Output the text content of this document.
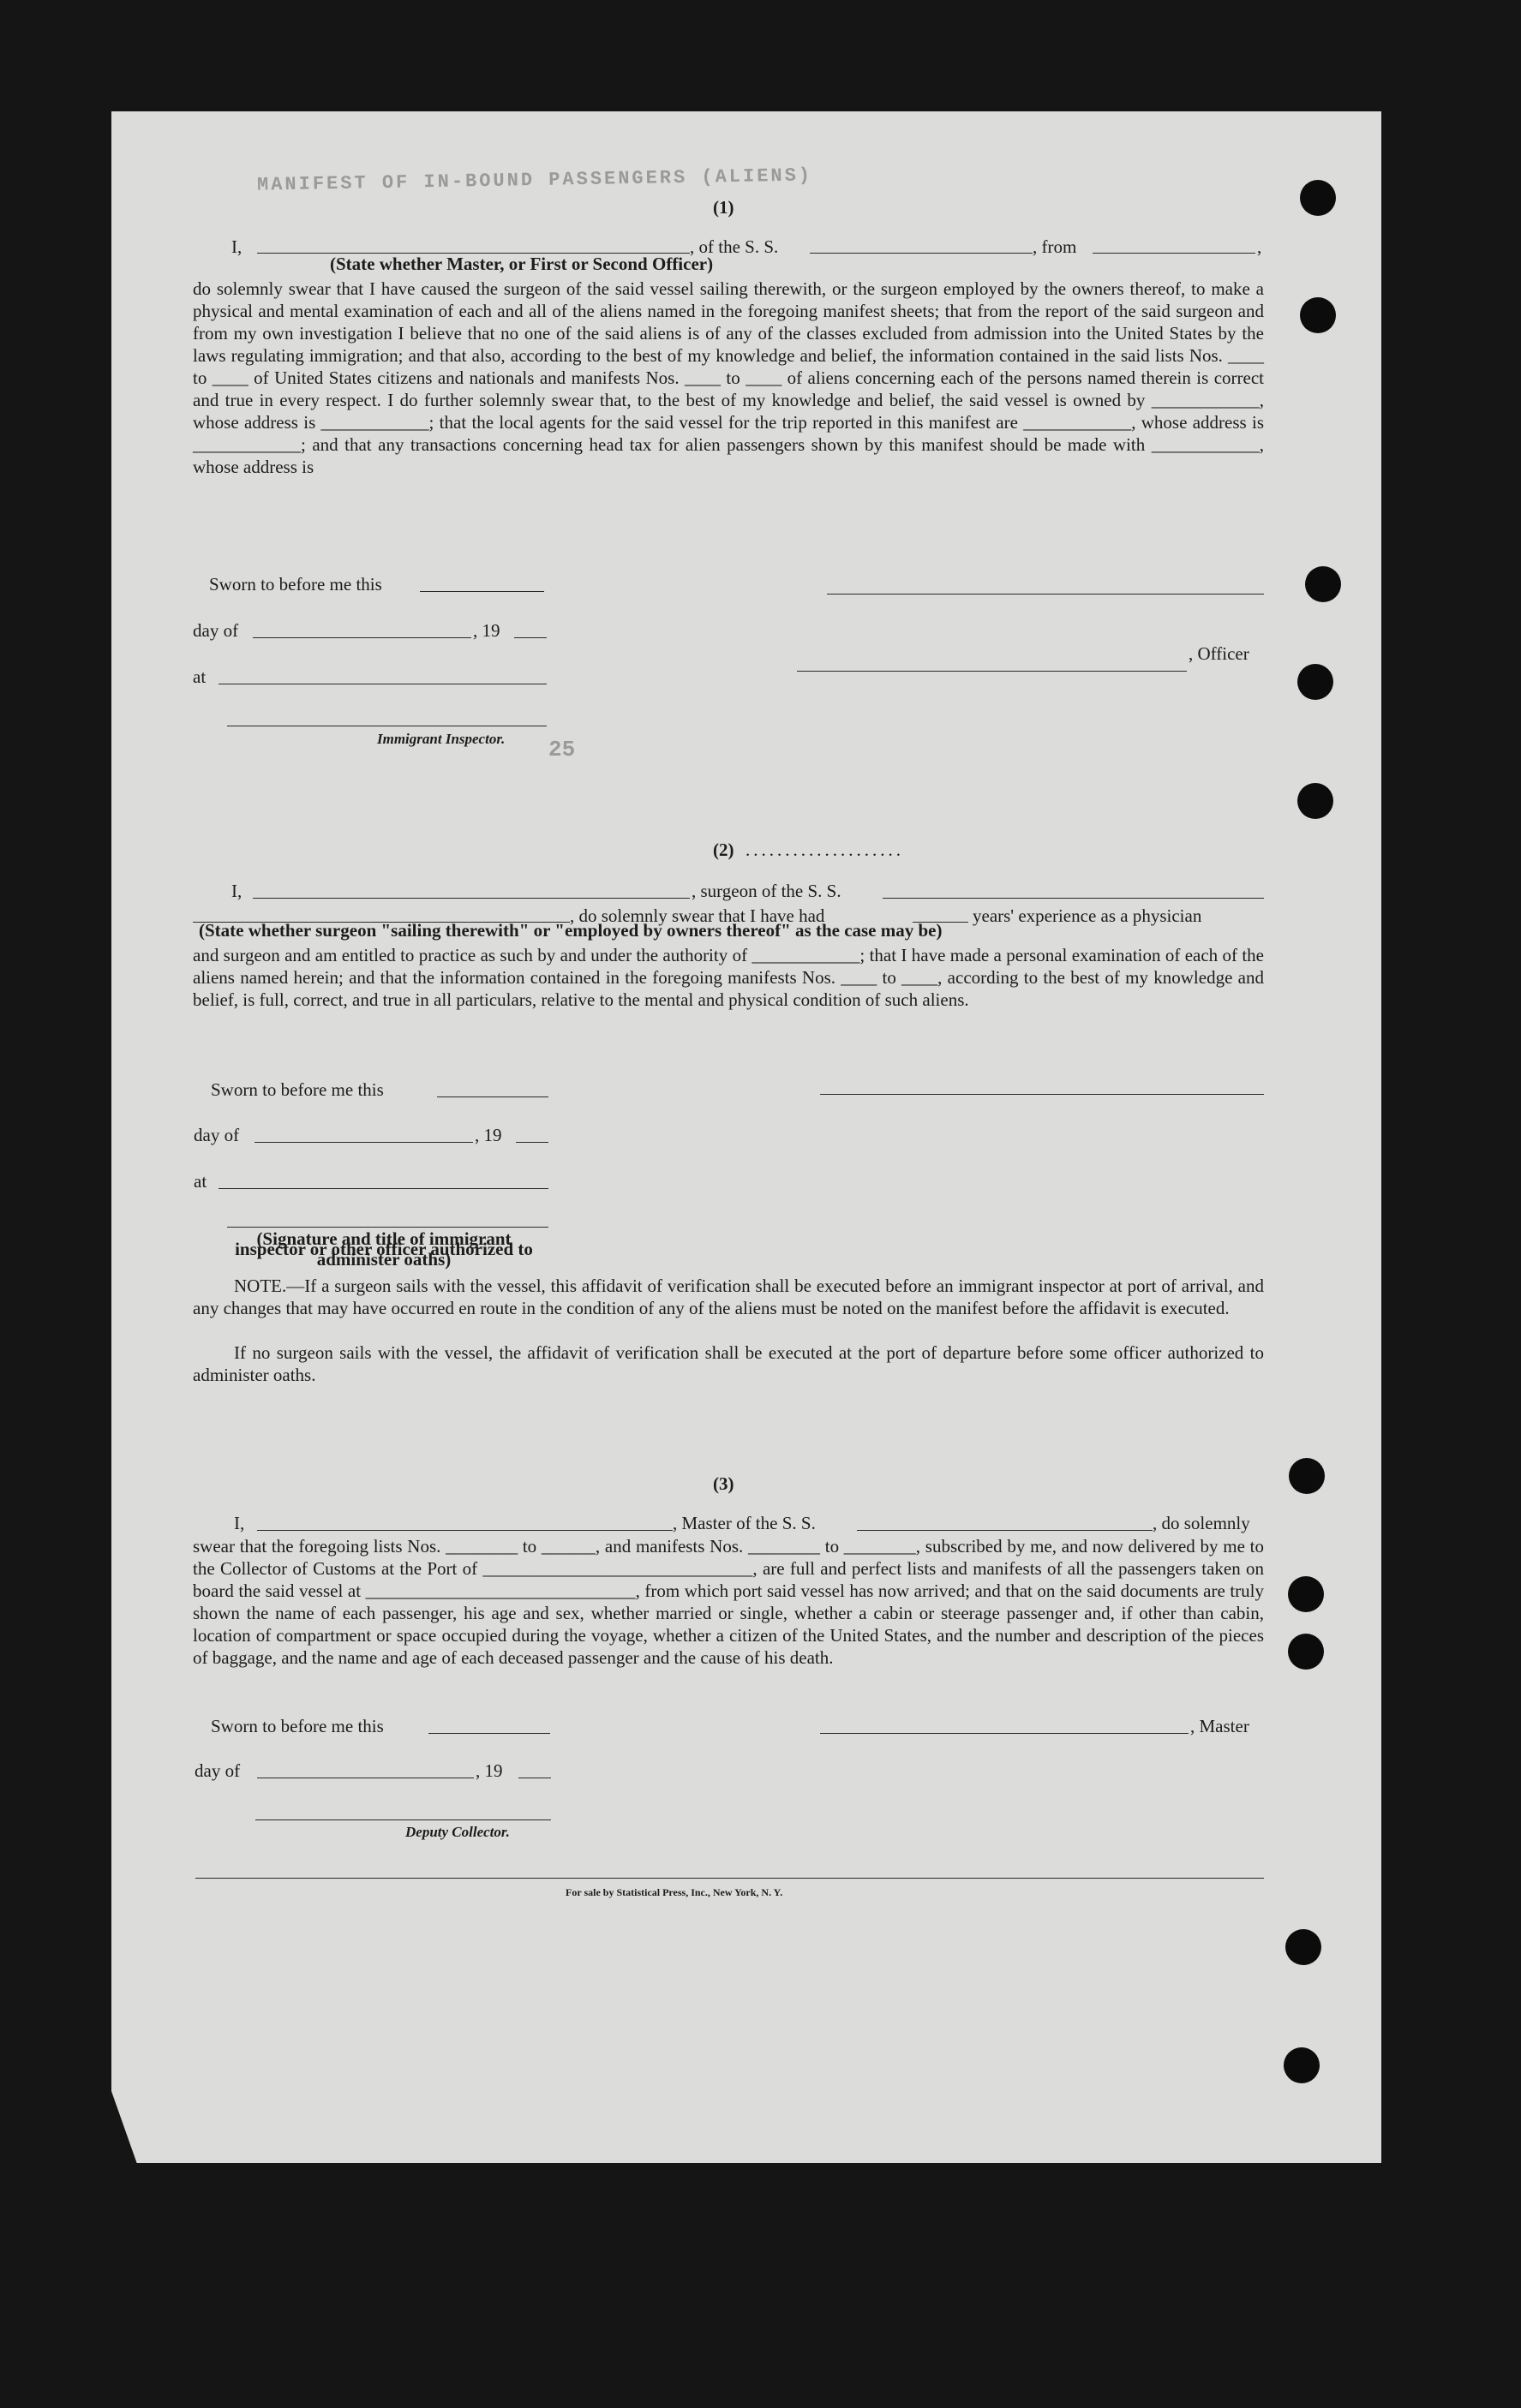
MANIFEST OF IN-BOUND PASSENGERS (ALIENS)
25
(1)
I,	, of the S. S.	, from	,
(State whether Master, or First or Second Officer)
do solemnly swear that I have caused the surgeon of the said vessel sailing therewith, or the surgeon employed by the owners thereof, to make a physical and mental examination of each and all of the aliens named in the foregoing manifest sheets; that from the report of the said surgeon and from my own investigation I believe that no one of the said aliens is of any of the classes excluded from admission into the United States by the laws regulating immigration; and that also, according to the best of my knowledge and belief, the information contained in the said lists Nos. ____ to ____ of United States citizens and nationals and manifests Nos. ____ to ____ of aliens concerning each of the persons named therein is correct and true in every respect. I do further solemnly swear that, to the best of my knowledge and belief, the said vessel is owned by ____________, whose address is ____________; that the local agents for the said vessel for the trip reported in this manifest are ____________, whose address is ____________; and that any transactions concerning head tax for alien passengers shown by this manifest should be made with ____________, whose address is
Sworn to before me this
day of	, 19
at
Immigrant Inspector.
, Officer
(2) ....................
I,	, surgeon of the S. S.
, do solemnly swear that I have had	years' experience as a physician
(State whether surgeon "sailing therewith" or "employed by owners thereof" as the case may be)
and surgeon and am entitled to practice as such by and under the authority of ____________; that I have made a personal examination of each of the aliens named herein; and that the information contained in the foregoing manifests Nos. ____ to ____, according to the best of my knowledge and belief, is full, correct, and true in all particulars, relative to the mental and physical condition of such aliens.
Sworn to before me this
day of	, 19
at
(Signature and title of immigrant inspector or other officer authorized to administer oaths)
NOTE.—If a surgeon sails with the vessel, this affidavit of verification shall be executed before an immigrant inspector at port of arrival, and any changes that may have occurred en route in the condition of any of the aliens must be noted on the manifest before the affidavit is executed.
If no surgeon sails with the vessel, the affidavit of verification shall be executed at the port of departure before some officer authorized to administer oaths.
(3)
I,	, Master of the S. S.	, do solemnly
swear that the foregoing lists Nos. ________ to ______, and manifests Nos. ________ to ________, subscribed by me, and now delivered by me to the Collector of Customs at the Port of ______________________________, are full and perfect lists and manifests of all the passengers taken on board the said vessel at ______________________________, from which port said vessel has now arrived; and that on the said documents are truly shown the name of each passenger, his age and sex, whether married or single, whether a cabin or steerage passenger and, if other than cabin, location of compartment or space occupied during the voyage, whether a citizen of the United States, and the number and description of the pieces of baggage, and the name and age of each deceased passenger and the cause of his death.
Sworn to before me this	, Master
day of	, 19
Deputy Collector.
For sale by Statistical Press, Inc., New York, N. Y.
